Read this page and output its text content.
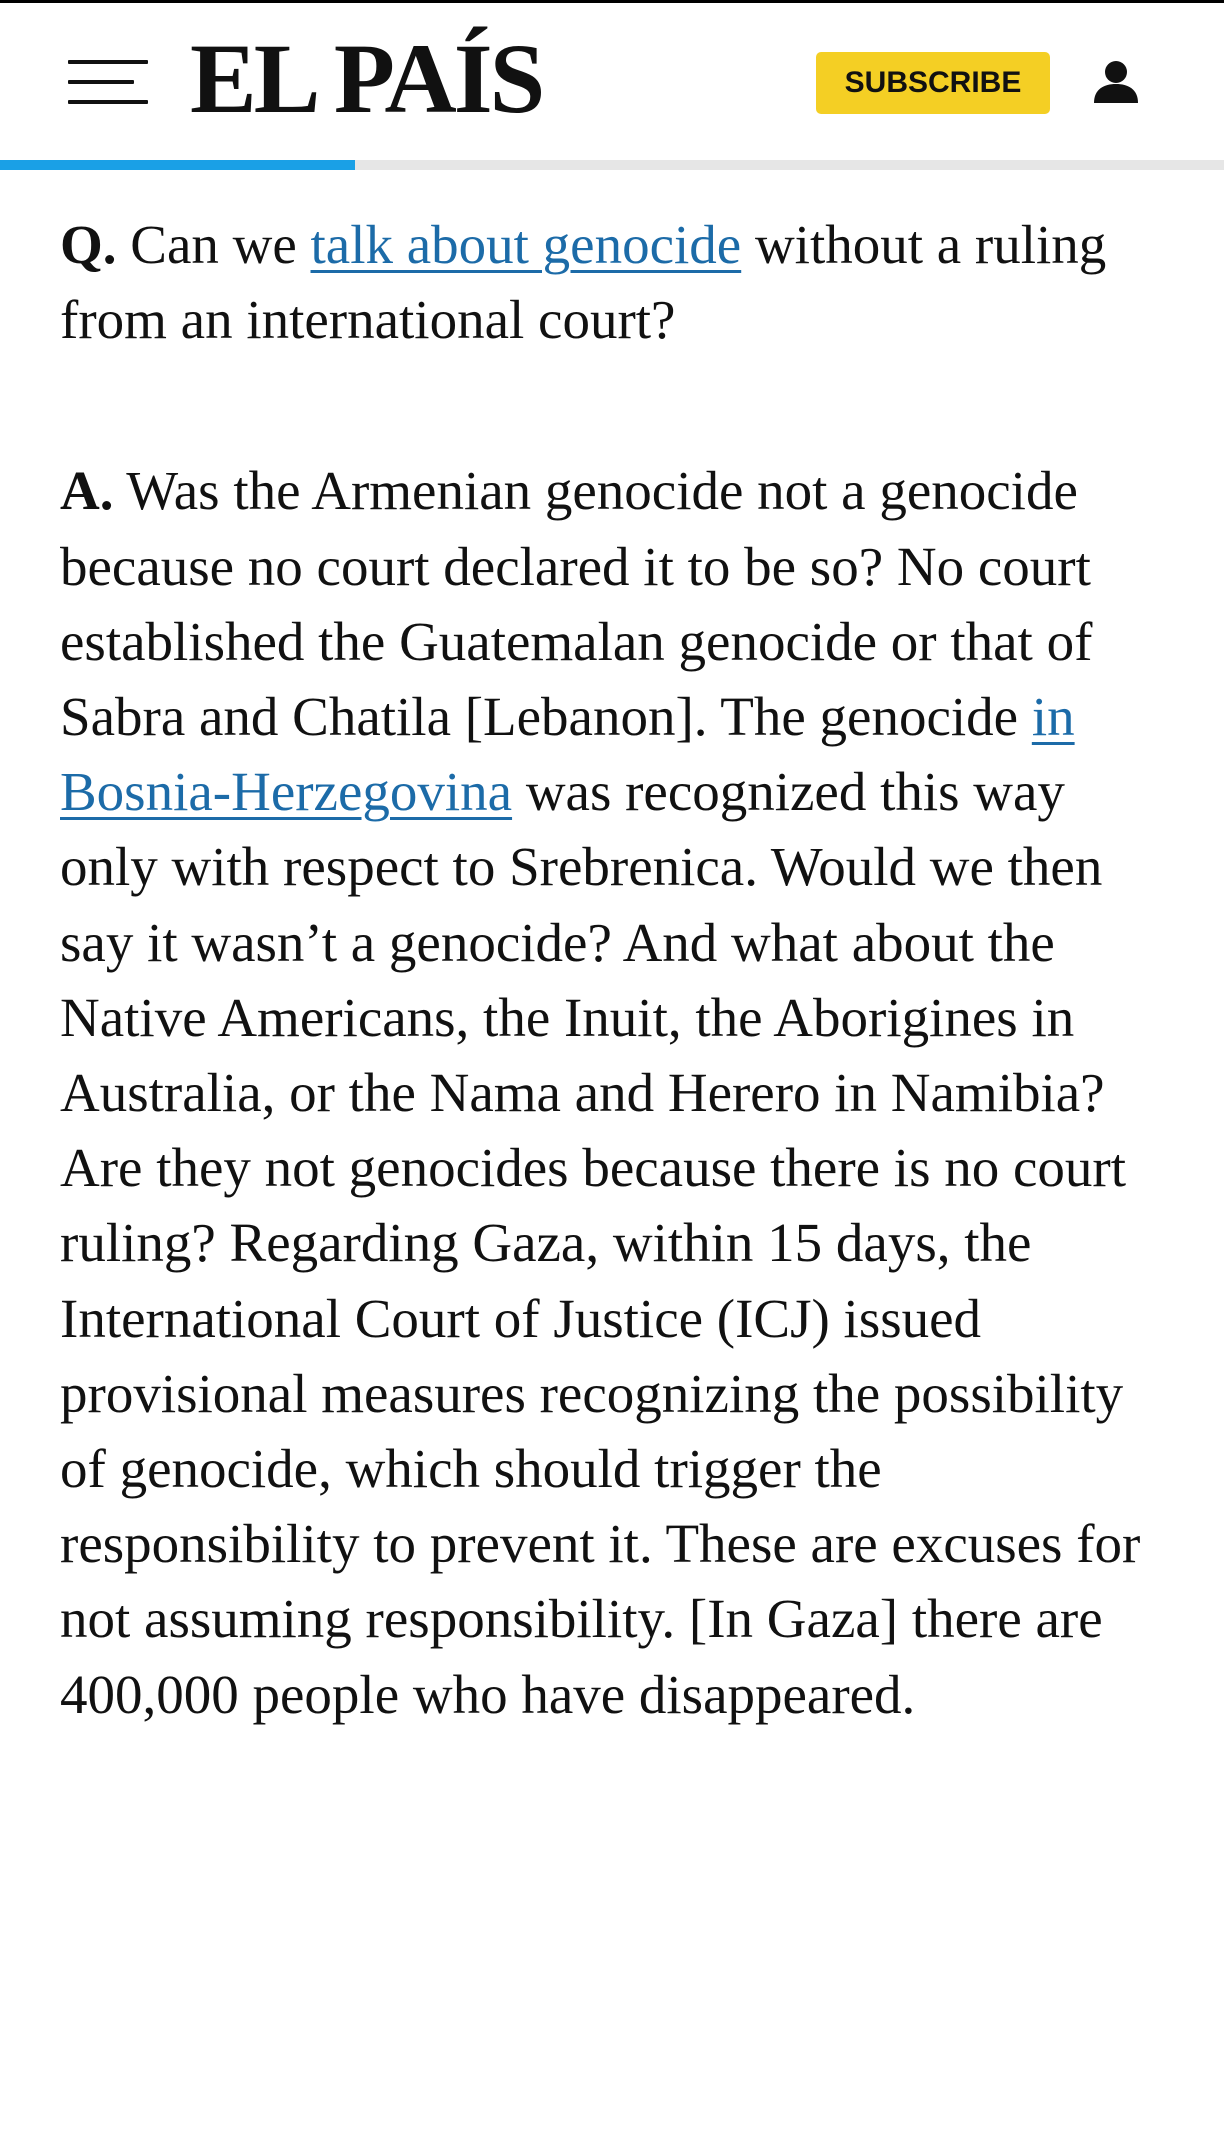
EL PAÍS	SUBSCRIBE

Q. Can we talk about genocide without a ruling from an international court?

A. Was the Armenian genocide not a genocide because no court declared it to be so? No court established the Guatemalan genocide or that of Sabra and Chatila [Lebanon]. The genocide in Bosnia-Herzegovina was recognized this way only with respect to Srebrenica. Would we then say it wasn’t a genocide? And what about the Native Americans, the Inuit, the Aborigines in Australia, or the Nama and Herero in Namibia? Are they not genocides because there is no court ruling? Regarding Gaza, within 15 days, the International Court of Justice (ICJ) issued provisional measures recognizing the possibility of genocide, which should trigger the responsibility to prevent it. These are excuses for not assuming responsibility. [In Gaza] there are 400,000 people who have disappeared.
